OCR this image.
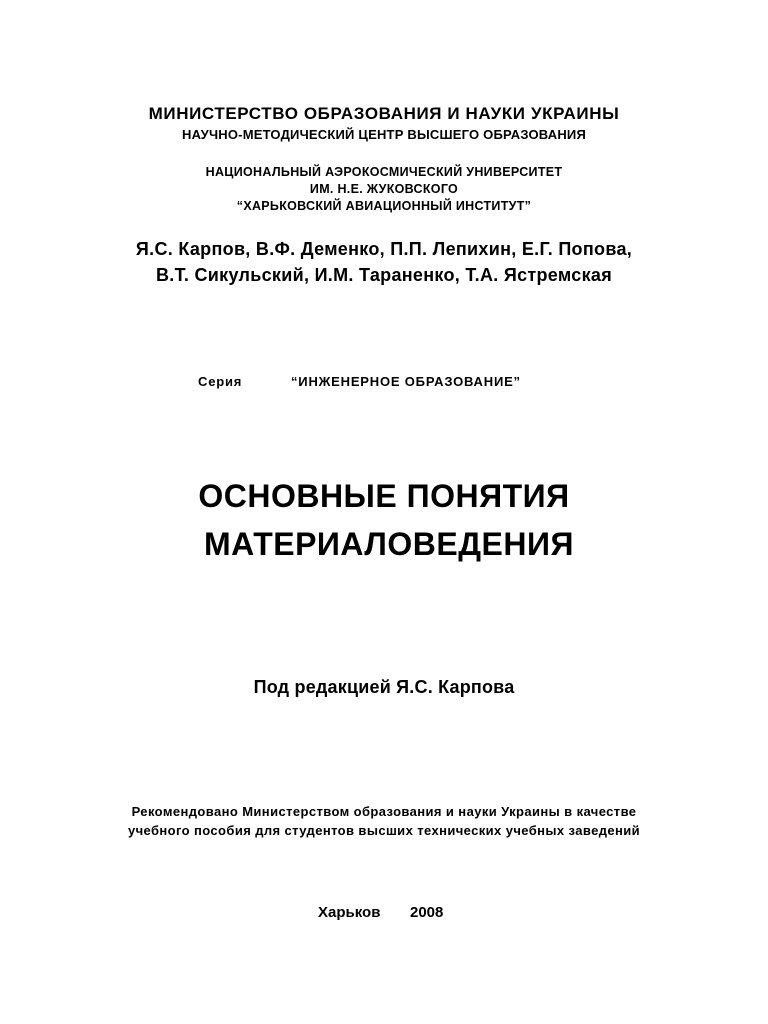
МИНИСТЕРСТВО ОБРАЗОВАНИЯ И НАУКИ УКРАИНЫ
НАУЧНО-МЕТОДИЧЕСКИЙ ЦЕНТР ВЫСШЕГО ОБРАЗОВАНИЯ
НАЦИОНАЛЬНЫЙ АЭРОКОСМИЧЕСКИЙ УНИВЕРСИТЕТ
ИМ. Н.Е. ЖУКОВСКОГО
“ХАРЬКОВСКИЙ АВИАЦИОННЫЙ ИНСТИТУТ”
Я.С. Карпов, В.Ф. Деменко, П.П. Лепихин, Е.Г. Попова,
В.Т. Сикульский, И.М. Тараненко, Т.А. Ястремская
Серия	“ИНЖЕНЕРНОЕ ОБРАЗОВАНИЕ”
ОСНОВНЫЕ ПОНЯТИЯ
МАТЕРИАЛОВЕДЕНИЯ
Под редакцией Я.С. Карпова
Рекомендовано Министерством образования и науки Украины в качестве
учебного пособия для студентов высших технических учебных заведений
Харьков 2008
